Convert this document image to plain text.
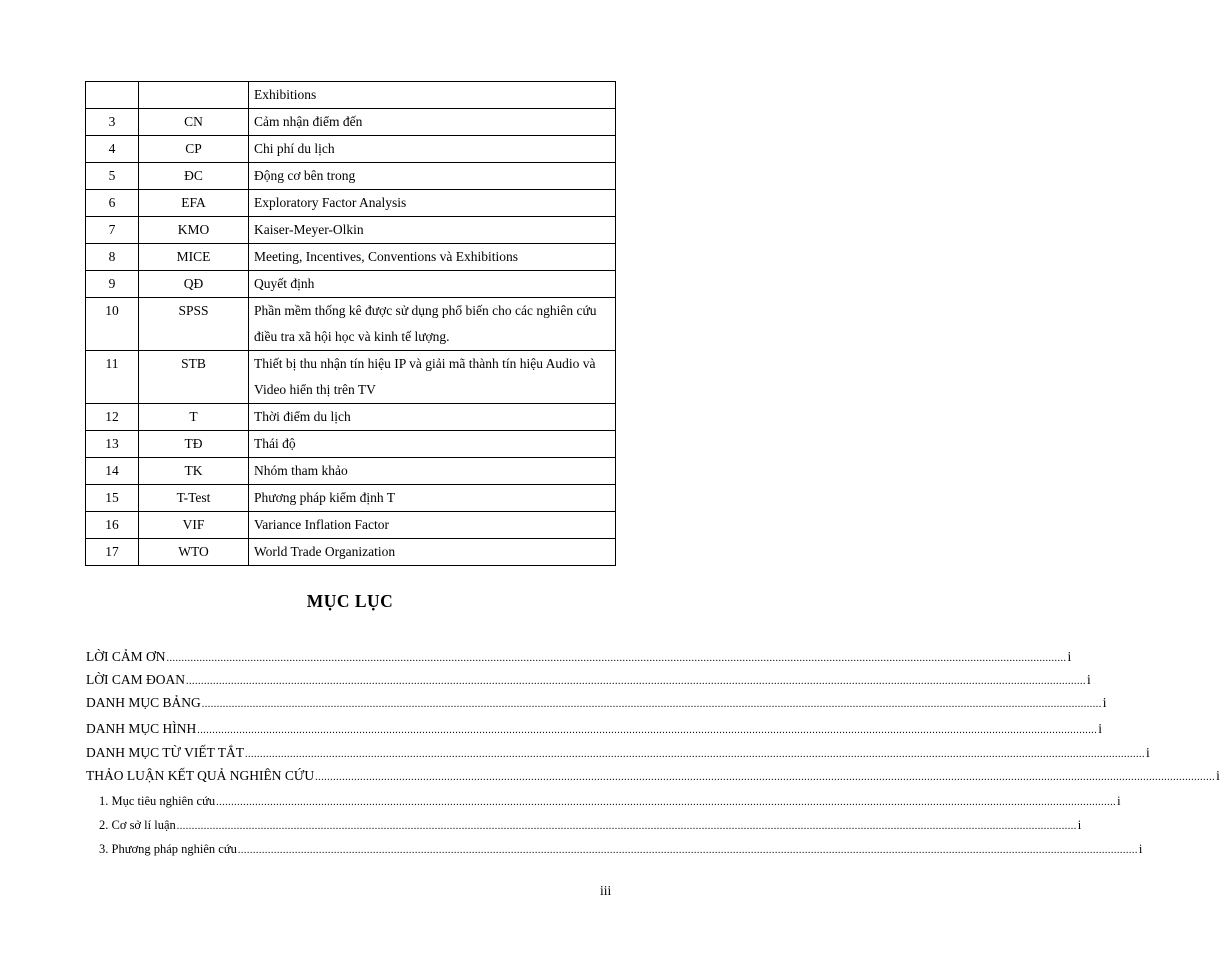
		Exhibitions
3	CN	Cảm nhận điểm đến
4	CP	Chi phí du lịch
5	ĐC	Động cơ bên trong
6	EFA	Exploratory Factor Analysis
7	KMO	Kaiser-Meyer-Olkin
8	MICE	Meeting, Incentives, Conventions và Exhibitions
9	QĐ	Quyết định
10	SPSS	Phần mềm thống kê được sử dụng phổ biến cho các nghiên cứu điều tra xã hội học và kinh tế lượng.
11	STB	Thiết bị thu nhận tín hiệu IP và giải mã thành tín hiệu Audio và Video hiển thị trên TV
12	T	Thời điểm du lịch
13	TĐ	Thái độ
14	TK	Nhóm tham khảo
15	T-Test	Phương pháp kiểm định T
16	VIF	Variance Inflation Factor
17	WTO	World Trade Organization
MỤC LỤC
LỜI CẢM ƠN ............................................................................................................................................................................................................................................................................................................ i
LỜI CAM ĐOAN ............................................................................................................................................................................................................................................................................................................ i
DANH MỤC BẢNG ............................................................................................................................................................................................................................................................................................................ i
DANH MỤC HÌNH ............................................................................................................................................................................................................................................................................................................ i
DANH MỤC TỪ VIẾT TẮT ............................................................................................................................................................................................................................................................................................................ i
THẢO LUẬN KẾT QUẢ NGHIÊN CỨU ............................................................................................................................................................................................................................................................................................................ i
1. Mục tiêu nghiên cứu ............................................................................................................................................................................................................................................................................................................ i
2. Cơ sở lí luận ............................................................................................................................................................................................................................................................................................................ i
3. Phương pháp nghiên cứu ............................................................................................................................................................................................................................................................................................................ i
iii
